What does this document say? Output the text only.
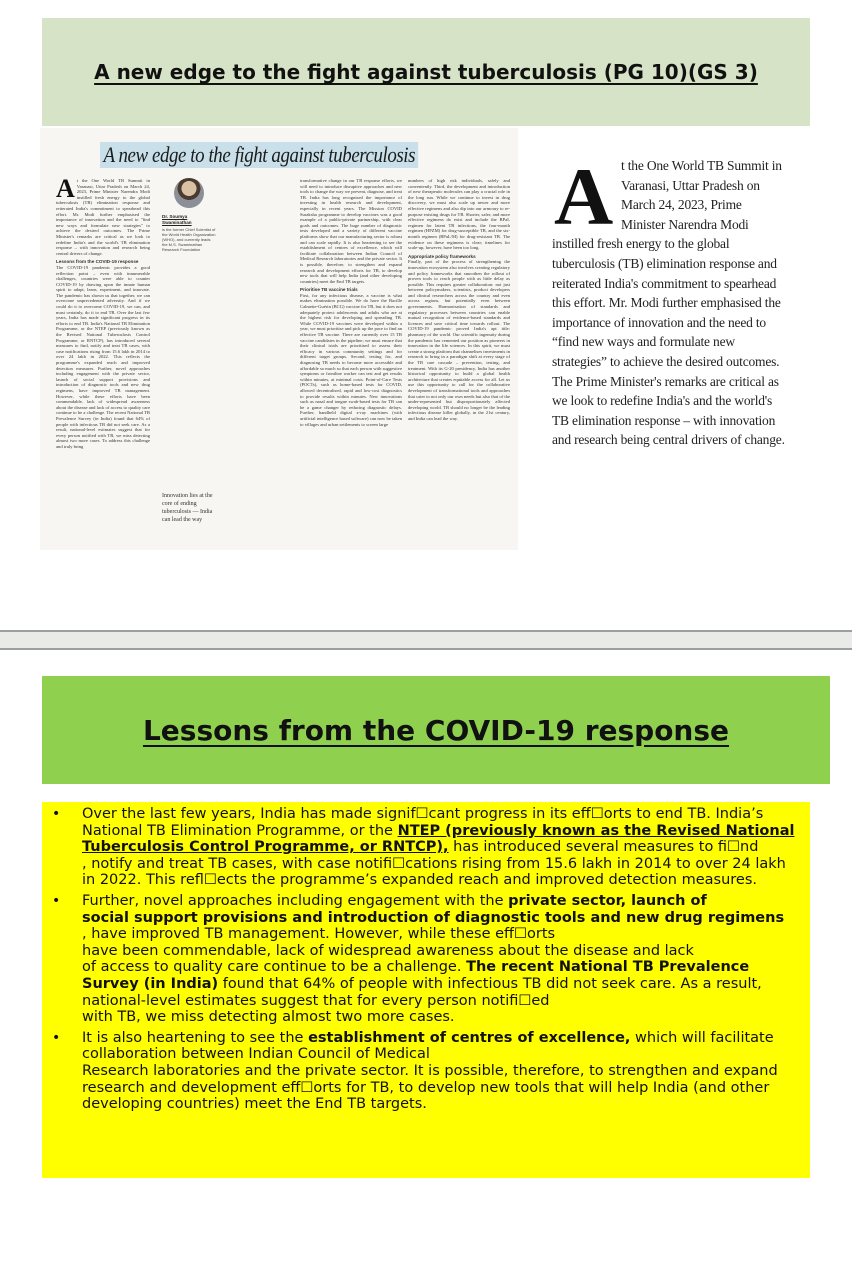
A new edge to the fight against tuberculosis (PG 10)(GS 3)
A new edge to the fight against tuberculosis
A t the One World TB Summit in Varanasi, Uttar Pradesh on March 24, 2023, Prime Minister Narendra Modi instilled fresh energy to the global tuberculosis (TB) elimination response and reiterated India's commitment to spearhead this effort. Mr. Modi further emphasised the importance of innovation and the need to "find new ways and formulate new strategies" to achieve the desired outcomes. The Prime Minister's remarks are critical as we look to redefine India's and the world's TB elimination response – with innovation and research being central drivers of change.
Lessons from the COVID-19 response
The COVID-19 pandemic provides a good reflection point – even with innumerable challenges, countries were able to counter COVID-19 by drawing upon the innate human spirit to adapt, learn, experiment, and innovate. The pandemic has shown us that together, we can overcome unprecedented adversity. And if we could do it to overcome COVID-19, we can, and must certainly, do it to end TB. Over the last few years, India has made significant progress in its efforts to end TB. India's National TB Elimination Programme, or the NTEP (previously known as the Revised National Tuberculosis Control Programme, or RNTCP), has introduced several measures to find, notify and treat TB cases, with case notifications rising from 15.6 lakh in 2014 to over 24 lakh in 2022. This reflects the programme's expanded reach and improved detection measures. Further, novel approaches including engagement with the private sector, launch of social support provisions and introduction of diagnostic tools and new drug regimens, have improved TB management. However, while these efforts have been commendable, lack of widespread awareness about the disease and lack of access to quality care continue to be a challenge. The recent National TB Prevalence Survey (in India) found that 64% of people with infectious TB did not seek care. As a result, national-level estimates suggest that for every person notified with TB, we miss detecting almost two more cases. To address this challenge and truly bring
Dr. Soumya Swaminathan
is the former Chief Scientist of the World Health Organization (WHO), and currently leads the M.S. Swaminathan Research Foundation
Innovation lies at the core of ending tuberculosis — India can lead the way
transformative change in our TB response efforts, we will need to introduce disruptive approaches and new tools to change the way we prevent, diagnose, and treat TB. India has long recognised the importance of investing in health research and development, especially in recent years. The Mission COVID Suraksha programme to develop vaccines was a good example of a public-private partnership, with clear goals and outcomes. The huge number of diagnostic tests developed and a variety of different vaccine platforms show that our manufacturing sector is robust and can scale rapidly. It is also heartening to see the establishment of centres of excellence, which will facilitate collaboration between Indian Council of Medical Research laboratories and the private sector. It is possible, therefore, to strengthen and expand research and development efforts for TB, to develop new tools that will help India (and other developing countries) meet the End TB targets.
Prioritise TB vaccine trials
First, for any infectious disease, a vaccine is what makes elimination possible. We do have the Bacille Calmette-Guérin (BCG) vaccine for TB, but it does not adequately protect adolescents and adults who are at the highest risk for developing and spreading TB. While COVID-19 vaccines were developed within a year, we must prioritise and pick up the pace to find an effective TB vaccine. There are currently over 15 TB vaccine candidates in the pipeline; we must ensure that their clinical trials are prioritised to assess their efficacy in various community settings and for different target groups. Second, testing for, and diagnosing TB needs to become more accessible and affordable so much so that each person with suggestive symptoms or frontline worker can test and get results within minutes, at minimal costs. Point-of-Care Tests (POCTs), such as home-based tests for COVID, allowed decentralised, rapid and low-cost diagnostics to provide results within minutes. New innovations such as nasal and tongue swab-based tests for TB can be a game changer by reducing diagnostic delays. Further, handheld digital x-ray machines (with artificial intelligence based software) can now be taken to villages and urban settlements to screen large
numbers of high risk individuals, safely and conveniently. Third, the development and introduction of new therapeutic molecules can play a crucial role in the long run. While we continue to invest in drug discovery, we must also scale up newer and more effective regimens and also dip into our armoury to re-purpose existing drugs for TB. Shorter, safer, and more effective regimens do exist and include the BPaL regimen for latent TB infections, the four-month regimen (HPZM) for drug-susceptible TB, and the six-month regimen (BPaL/M) for drug-resistant TB. The evidence on these regimens is clear; timelines for scale-up, however, have been too long.
Appropriate policy frameworks
Finally, part of the process of strengthening the innovation ecosystem also involves creating regulatory and policy frameworks that smoothen the rollout of proven tools to reach people with as little delay as possible. This requires greater collaboration: not just between policymakers, scientists, product developers and clinical researchers across the country and even across regions, but potentially even between governments. Harmonisation of standards and regulatory processes between countries can enable mutual recognition of evidence-based standards and licences and save critical time towards rollout. The COVID-19 pandemic proved India's apt title: pharmacy of the world. Our scientific ingenuity during the pandemic has cemented our position as pioneers in innovation in the life sciences. In this spirit, we must create a strong platform that channelises investments in research to bring in a paradigm shift at every stage of the TB care cascade – prevention, testing, and treatment. With its G-20 presidency, India has another historical opportunity to build a global health architecture that creates equitable access for all. Let us use this opportunity to call for the collaborative development of transformational tools and approaches that cater to not only our own needs but also that of the under-represented but disproportionately affected developing world. TB should no longer be the leading infectious disease killer globally, in the 21st century, and India can lead the way.
At the One World TB Summit in Varanasi, Uttar Pradesh on March 24, 2023, Prime Minister Narendra Modi instilled fresh energy to the global tuberculosis (TB) elimination response and reiterated India's commitment to spearhead this effort. Mr. Modi further emphasised the importance of innovation and the need to “find new ways and formulate new strategies” to achieve the desired outcomes. The Prime Minister's remarks are critical as we look to redefine India's and the world's TB elimination response – with innovation and research being central drivers of change.
Lessons from the COVID-19 response
• Over the last few years, India has made signif☐cant progress in its eff☐orts to end TB. India’s
National TB Elimination Programme, or the NTEP (previously known as the Revised National
Tuberculosis Control Programme, or RNTCP), has introduced several measures to fi☐nd
, notify and treat TB cases, with case notifi☐cations rising from 15.6 lakh in 2014 to over 24 lakh
in 2022. This refl☐ects the programme’s expanded reach and improved detection measures.
• Further, novel approaches including engagement with the private sector, launch of
social support provisions and introduction of diagnostic tools and new drug regimens
, have improved TB management. However, while these eff☐orts
have been commendable, lack of widespread awareness about the disease and lack
of access to quality care continue to be a challenge. The recent National TB Prevalence
Survey (in India) found that 64% of people with infectious TB did not seek care. As a result,
national-level estimates suggest that for every person notifi☐ed
with TB, we miss detecting almost two more cases.
• It is also heartening to see the establishment of centres of excellence, which will facilitate
collaboration between Indian Council of Medical
Research laboratories and the private sector. It is possible, therefore, to strengthen and expand
research and development eff☐orts for TB, to develop new tools that will help India (and other
developing countries) meet the End TB targets.
